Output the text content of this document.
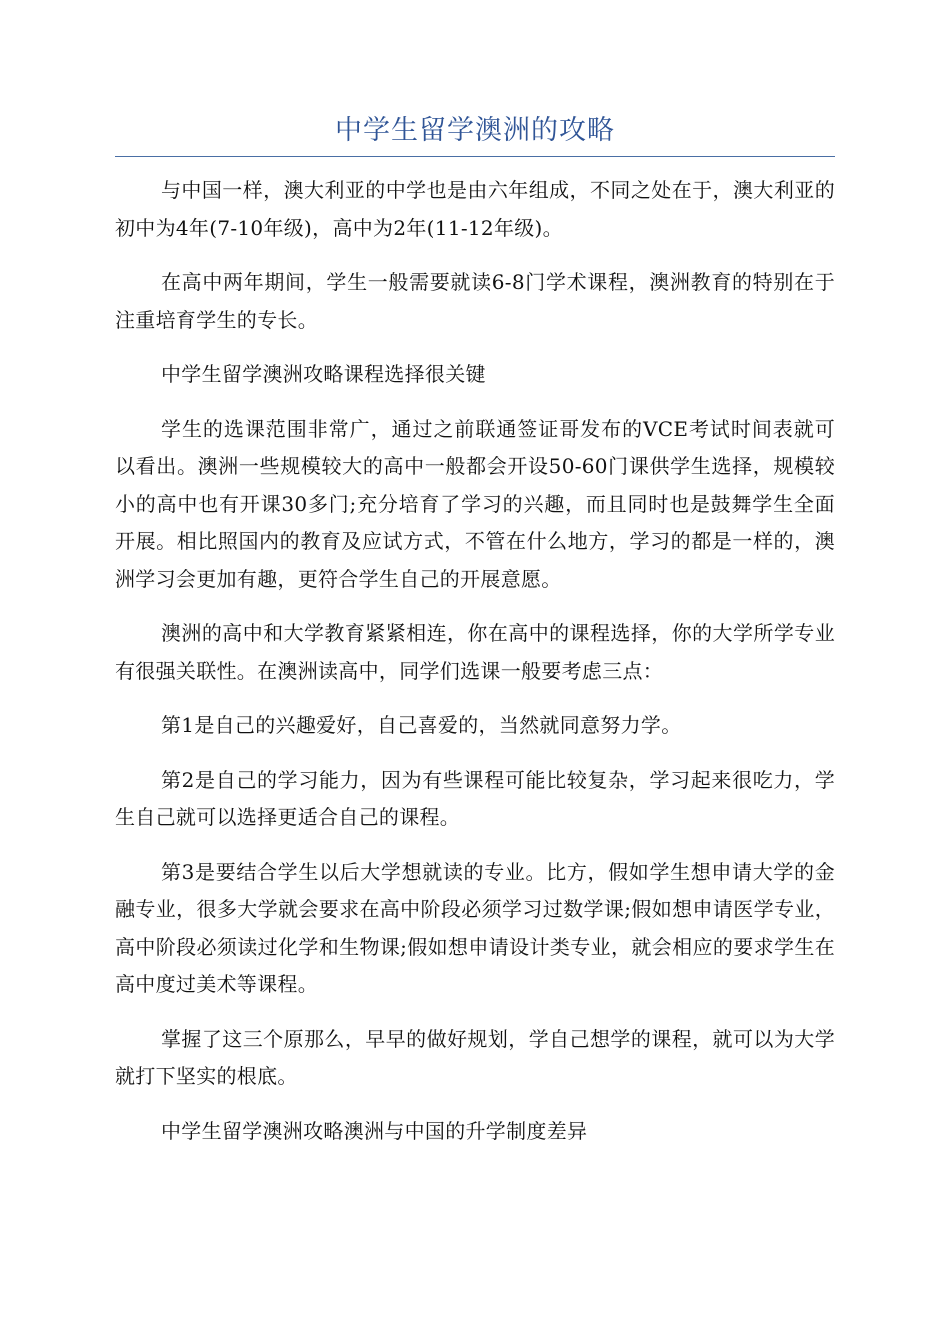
中学生留学澳洲的攻略

与中国一样，澳大利亚的中学也是由六年组成，不同之处在于，澳大利亚的初中为4年(7-10年级)，高中为2年(11-12年级)。

在高中两年期间，学生一般需要就读6-8门学术课程，澳洲教育的特别在于注重培育学生的专长。

中学生留学澳洲攻略课程选择很关键

学生的选课范围非常广，通过之前联通签证哥发布的VCE考试时间表就可以看出。澳洲一些规模较大的高中一般都会开设50-60门课供学生选择，规模较小的高中也有开课30多门;充分培育了学习的兴趣，而且同时也是鼓舞学生全面开展。相比照国内的教育及应试方式，不管在什么地方，学习的都是一样的，澳洲学习会更加有趣，更符合学生自己的开展意愿。

澳洲的高中和大学教育紧紧相连，你在高中的课程选择，你的大学所学专业有很强关联性。在澳洲读高中，同学们选课一般要考虑三点：

第1是自己的兴趣爱好，自己喜爱的，当然就同意努力学。

第2是自己的学习能力，因为有些课程可能比较复杂，学习起来很吃力，学生自己就可以选择更适合自己的课程。

第3是要结合学生以后大学想就读的专业。比方，假如学生想申请大学的金融专业，很多大学就会要求在高中阶段必须学习过数学课;假如想申请医学专业，高中阶段必须读过化学和生物课;假如想申请设计类专业，就会相应的要求学生在高中度过美术等课程。

掌握了这三个原那么，早早的做好规划，学自己想学的课程，就可以为大学就打下坚实的根底。

中学生留学澳洲攻略澳洲与中国的升学制度差异
